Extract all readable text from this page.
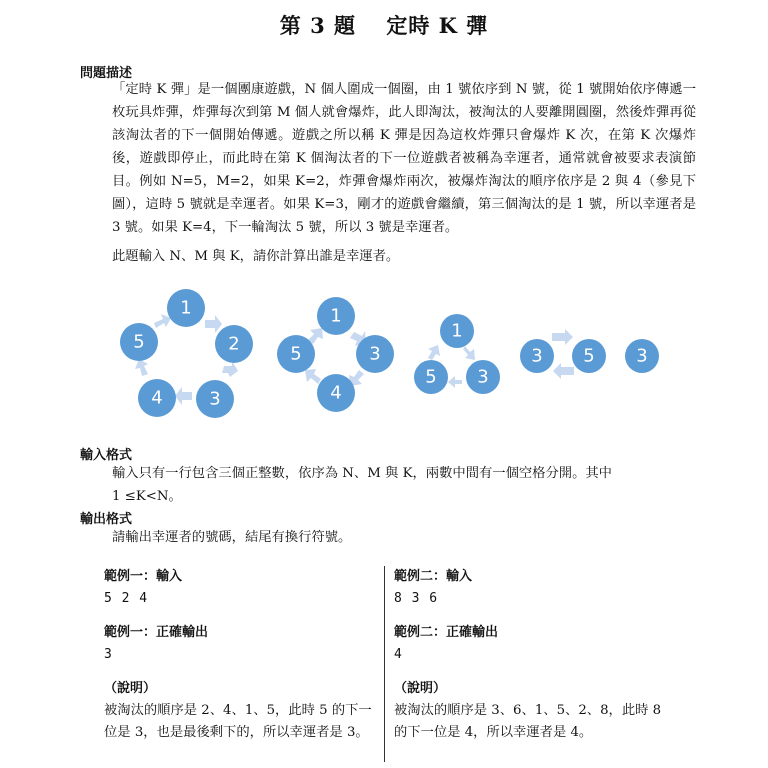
第 3 題　 定時 K 彈
問題描述

「定時 K 彈」是一個團康遊戲，N 個人圍成一個圈，由 1 號依序到 N 號，從 1 號開始依序傳遞一枚玩具炸彈，炸彈每次到第 M 個人就會爆炸，此人即淘汰，被淘汰的人要離開圓圈，然後炸彈再從該淘汰者的下一個開始傳遞。遊戲之所以稱 K 彈是因為這枚炸彈只會爆炸 K 次，在第 K 次爆炸後，遊戲即停止，而此時在第 K 個淘汰者的下一位遊戲者被稱為幸運者，通常就會被要求表演節目。例如 N=5，M=2，如果 K=2，炸彈會爆炸兩次，被爆炸淘汰的順序依序是 2 與 4（參見下圖），這時 5 號就是幸運者。如果 K=3，剛才的遊戲會繼續，第三個淘汰的是 1 號，所以幸運者是 3 號。如果 K=4，下一輪淘汰 5 號，所以 3 號是幸運者。

此題輸入 N、M 與 K，請你計算出誰是幸運者。

1
2
3
4
5
1
3
4
5
1
3
5
3 5 3
輸入格式

輸入只有一行包含三個正整數，依序為 N、M 與 K，兩數中間有一個空格分開。其中

1 ≤K<N。

輸出格式

請輸出幸運者的號碼，結尾有換行符號。

範例一：輸入

5 2 4

範例一：正確輸出

3

（說明）

被淘汰的順序是 2、4、1、5，此時 5 的下一位是 3，也是最後剩下的，所以幸運者是 3。

範例二：輸入

8 3 6

範例二：正確輸出

4

（說明）

被淘汰的順序是 3、6、1、5、2、8，此時 8 的下一位是 4，所以幸運者是 4。
